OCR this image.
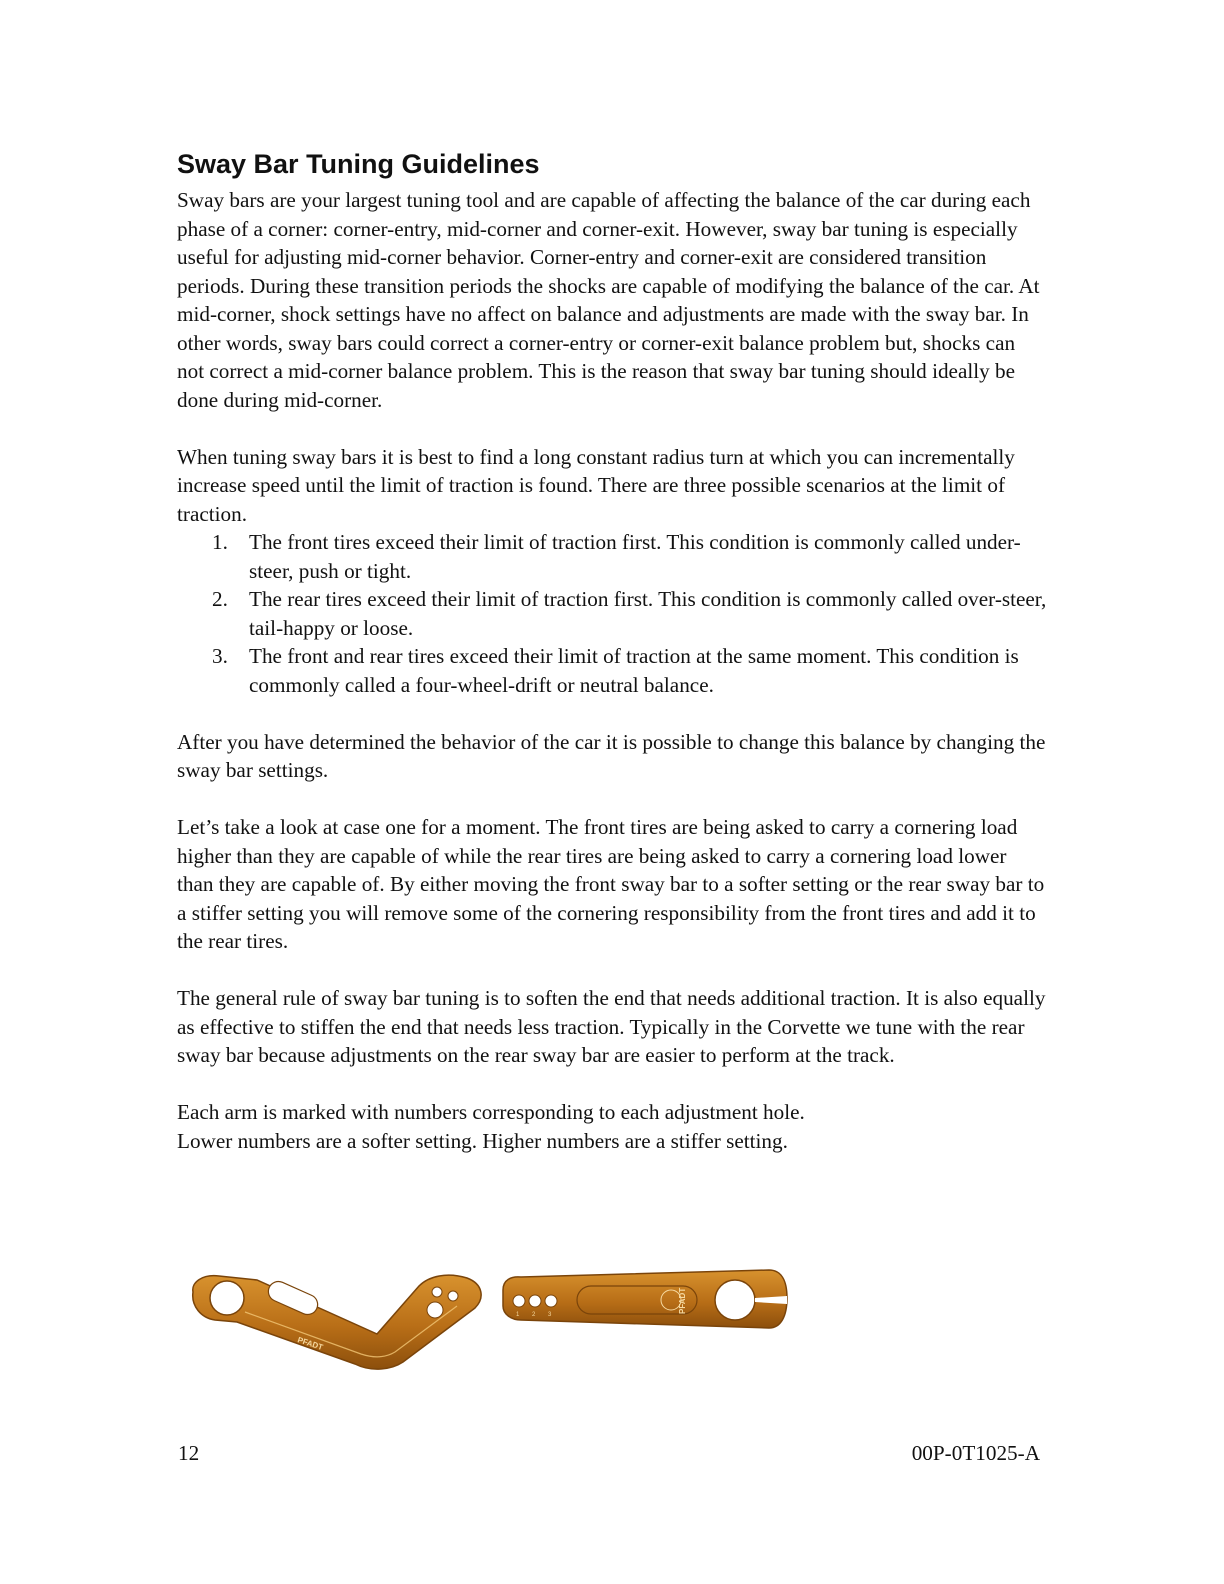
Sway Bar Tuning Guidelines

Sway bars are your largest tuning tool and are capable of affecting the balance of the car during each phase of a corner: corner-entry, mid-corner and corner-exit. However, sway bar tuning is especially useful for adjusting mid-corner behavior. Corner-entry and corner-exit are considered transition periods. During these transition periods the shocks are capable of modifying the balance of the car. At mid-corner, shock settings have no affect on balance and adjustments are made with the sway bar. In other words, sway bars could correct a corner-entry or corner-exit balance problem but, shocks can not correct a mid-corner balance problem. This is the reason that sway bar tuning should ideally be done during mid-corner.

When tuning sway bars it is best to find a long constant radius turn at which you can incrementally increase speed until the limit of traction is found. There are three possible scenarios at the limit of traction.

1. The front tires exceed their limit of traction first. This condition is commonly called under-steer, push or tight.
2. The rear tires exceed their limit of traction first. This condition is commonly called over-steer, tail-happy or loose.
3. The front and rear tires exceed their limit of traction at the same moment. This condition is commonly called a four-wheel-drift or neutral balance.

After you have determined the behavior of the car it is possible to change this balance by changing the sway bar settings.

Let’s take a look at case one for a moment. The front tires are being asked to carry a cornering load higher than they are capable of while the rear tires are being asked to carry a cornering load lower than they are capable of. By either moving the front sway bar to a softer setting or the rear sway bar to a stiffer setting you will remove some of the cornering responsibility from the front tires and add it to the rear tires.

The general rule of sway bar tuning is to soften the end that needs additional traction. It is also equally as effective to stiffen the end that needs less traction. Typically in the Corvette we tune with the rear sway bar because adjustments on the rear sway bar are easier to perform at the track.

Each arm is marked with numbers corresponding to each adjustment hole.
Lower numbers are a softer setting. Higher numbers are a stiffer setting.

PFADT
1 2 3
PFADT
12	00P-0T1025-A
